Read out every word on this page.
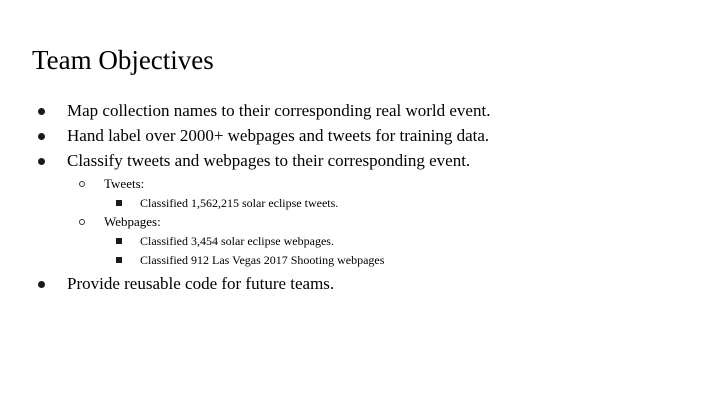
Team Objectives
Map collection names to their corresponding real world event.
Hand label over 2000+ webpages and tweets for training data.
Classify tweets and webpages to their corresponding event.
Tweets:
Classified 1,562,215 solar eclipse tweets.
Webpages:
Classified 3,454 solar eclipse webpages.
Classified 912 Las Vegas 2017 Shooting webpages
Provide reusable code for future teams.
